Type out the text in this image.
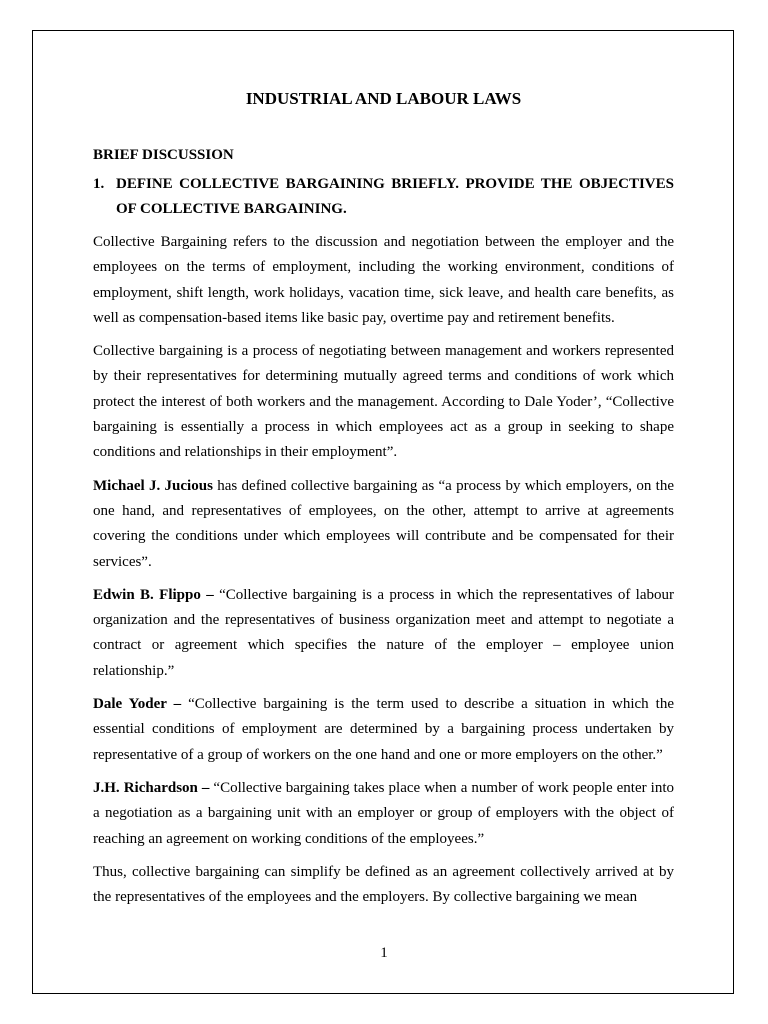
INDUSTRIAL AND LABOUR LAWS
BRIEF DISCUSSION
1. DEFINE COLLECTIVE BARGAINING BRIEFLY. PROVIDE THE OBJECTIVES OF COLLECTIVE BARGAINING.

Collective Bargaining refers to the discussion and negotiation between the employer and the employees on the terms of employment, including the working environment, conditions of employment, shift length, work holidays, vacation time, sick leave, and health care benefits, as well as compensation-based items like basic pay, overtime pay and retirement benefits.

Collective bargaining is a process of negotiating between management and workers represented by their representatives for determining mutually agreed terms and conditions of work which protect the interest of both workers and the management. According to Dale Yoder’, “Collective bargaining is essentially a process in which employees act as a group in seeking to shape conditions and relationships in their employment”.

Michael J. Jucious has defined collective bargaining as “a process by which employers, on the one hand, and representatives of employees, on the other, attempt to arrive at agreements covering the conditions under which employees will contribute and be compensated for their services”.

Edwin B. Flippo – “Collective bargaining is a process in which the representatives of labour organization and the representatives of business organization meet and attempt to negotiate a contract or agreement which specifies the nature of the employer – employee union relationship.”

Dale Yoder – “Collective bargaining is the term used to describe a situation in which the essential conditions of employment are determined by a bargaining process undertaken by representative of a group of workers on the one hand and one or more employers on the other.”

J.H. Richardson – “Collective bargaining takes place when a number of work people enter into a negotiation as a bargaining unit with an employer or group of employers with the object of reaching an agreement on working conditions of the employees.”

Thus, collective bargaining can simplify be defined as an agreement collectively arrived at by the representatives of the employees and the employers. By collective bargaining we mean

1
